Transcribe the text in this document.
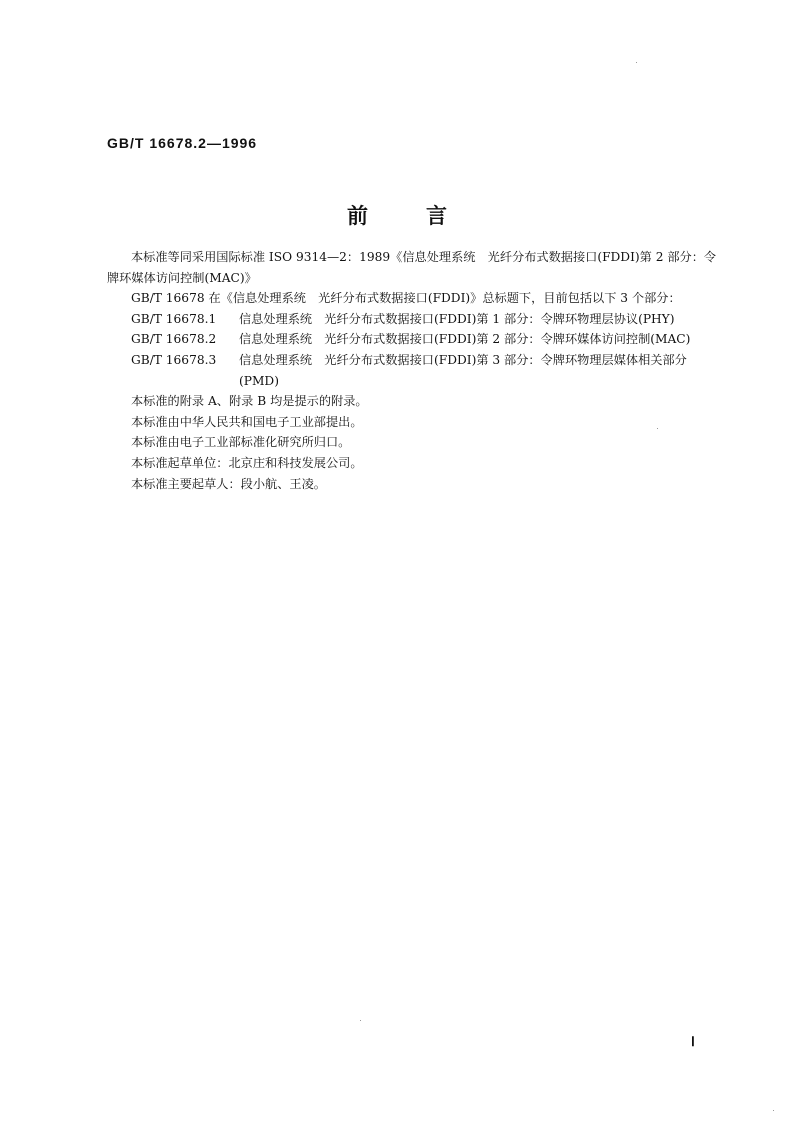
GB/T 16678.2—1996
前言

本标准等同采用国际标准 ISO 9314—2：1989《信息处理系统　光纤分布式数据接口(FDDI)第 2 部分：令牌环媒体访问控制(MAC)》

GB/T 16678 在《信息处理系统　光纤分布式数据接口(FDDI)》总标题下，目前包括以下 3 个部分：

GB/T 16678.1	信息处理系统　光纤分布式数据接口(FDDI)第 1 部分：令牌环物理层协议(PHY)
GB/T 16678.2	信息处理系统　光纤分布式数据接口(FDDI)第 2 部分：令牌环媒体访问控制(MAC)
GB/T 16678.3	信息处理系统　光纤分布式数据接口(FDDI)第 3 部分：令牌环物理层媒体相关部分(PMD)

本标准的附录 A、附录 B 均是提示的附录。

本标准由中华人民共和国电子工业部提出。

本标准由电子工业部标准化研究所归口。

本标准起草单位：北京庄和科技发展公司。

本标准主要起草人：段小航、王凌。

Ⅰ
